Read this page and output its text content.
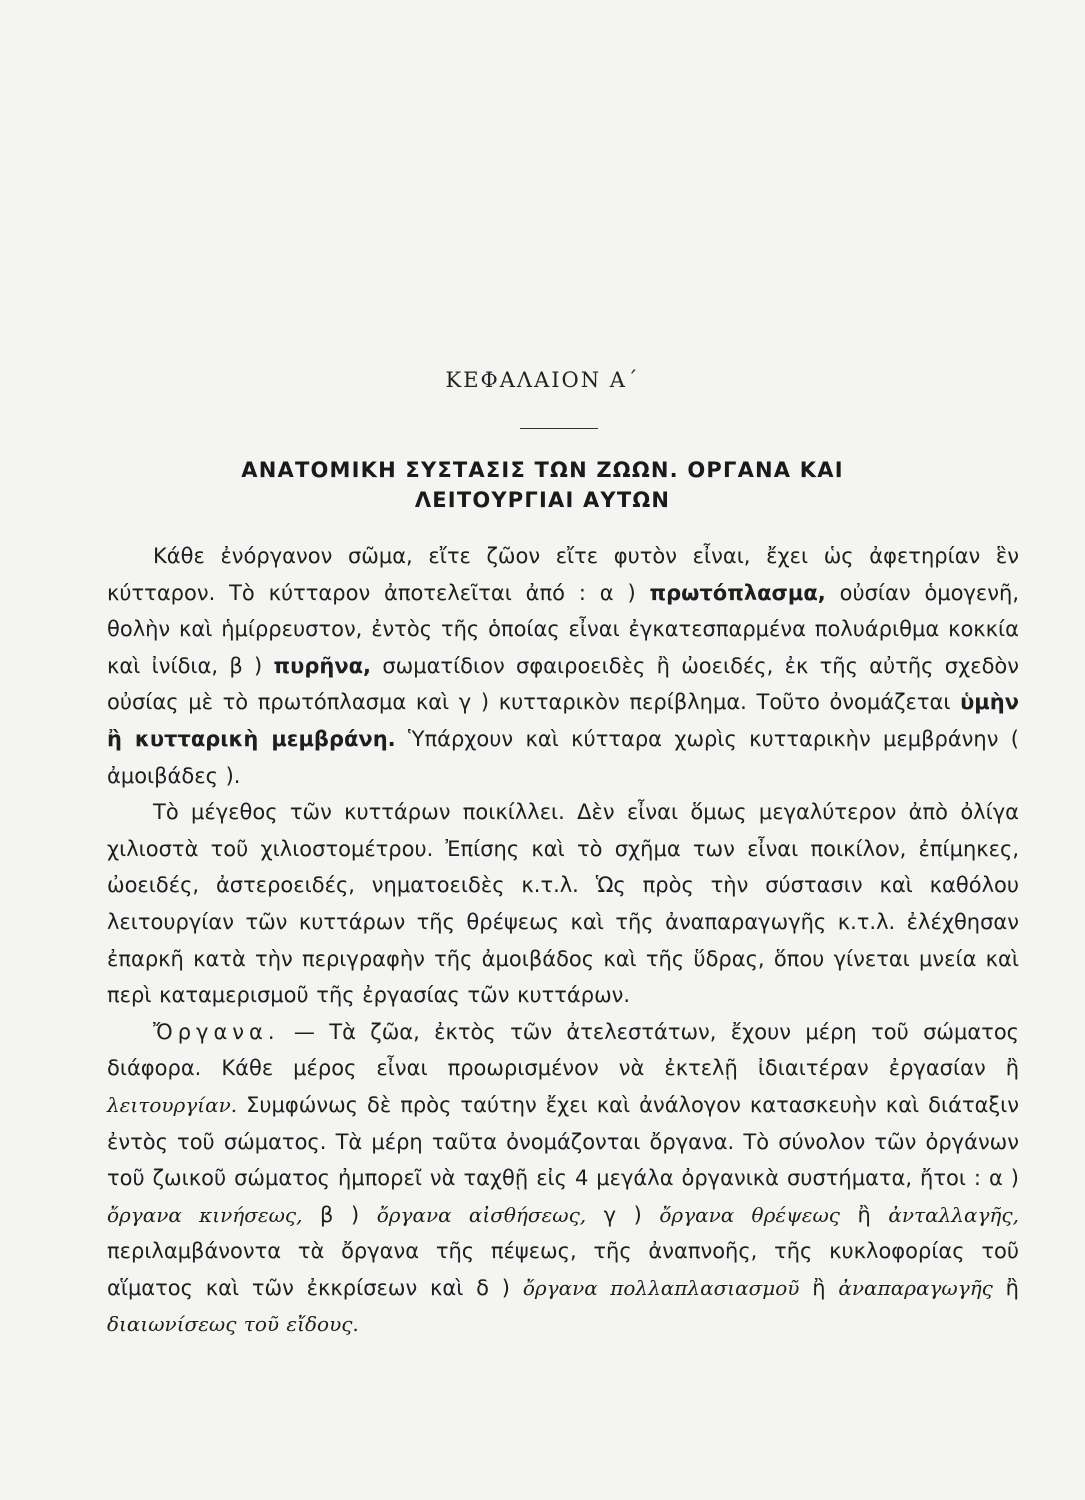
ΚΕΦΑΛΑΙΟΝ Α΄
ΑΝΑΤΟΜΙΚΗ ΣΥΣΤΑΣΙΣ ΤΩΝ ΖΩΩΝ. ΟΡΓΑΝΑ ΚΑΙ
ΛΕΙΤΟΥΡΓΙΑΙ ΑΥΤΩΝ

Κάθε ἐνόργανον σῶμα, εἴτε ζῶον εἴτε φυτὸν εἶναι, ἔχει ὡς ἀφετηρίαν ἓν κύτταρον. Τὸ κύτταρον ἀποτελεῖται ἀπό : α ) πρωτόπλασμα, οὐσίαν ὁμογενῆ, θολὴν καὶ ἡμίρρευστον, ἐντὸς τῆς ὁποίας εἶναι ἐγκατεσπαρμένα πολυάριθμα κοκκία καὶ ἰνίδια, β ) πυρῆνα, σωματίδιον σφαιροειδὲς ἢ ὠοειδές, ἐκ τῆς αὐτῆς σχεδὸν οὐσίας μὲ τὸ πρωτόπλασμα καὶ γ ) κυτταρικὸν περίβλημα. Τοῦτο ὀνομάζεται ὑμὴν ἢ κυτταρικὴ μεμβράνη. Ὑπάρχουν καὶ κύτταρα χωρὶς κυτταρικὴν μεμβράνην ( ἀμοιβάδες ).

Τὸ μέγεθος τῶν κυττάρων ποικίλλει. Δὲν εἶναι ὅμως μεγαλύτερον ἀπὸ ὀλίγα χιλιοστὰ τοῦ χιλιοστομέτρου. Ἐπίσης καὶ τὸ σχῆμα των εἶναι ποικίλον, ἐπίμηκες, ὠοειδές, ἀστεροειδές, νηματοειδὲς κ.τ.λ. Ὡς πρὸς τὴν σύστασιν καὶ καθόλου λειτουργίαν τῶν κυττάρων τῆς θρέψεως καὶ τῆς ἀναπαραγωγῆς κ.τ.λ. ἐλέχθησαν ἐπαρκῆ κατὰ τὴν περιγραφὴν τῆς ἀμοιβάδος καὶ τῆς ὕδρας, ὅπου γίνεται μνεία καὶ περὶ καταμερισμοῦ τῆς ἐργασίας τῶν κυττάρων.

Ὄργανα. — Τὰ ζῶα, ἐκτὸς τῶν ἀτελεστάτων, ἔχουν μέρη τοῦ σώματος διάφορα. Κάθε μέρος εἶναι προωρισμένον νὰ ἐκτελῇ ἰδιαιτέραν ἐργασίαν ἢ λειτουργίαν. Συμφώνως δὲ πρὸς ταύτην ἔχει καὶ ἀνάλογον κατασκευὴν καὶ διάταξιν ἐντὸς τοῦ σώματος. Τὰ μέρη ταῦτα ὀνομάζονται ὄργανα. Τὸ σύνολον τῶν ὀργάνων τοῦ ζωικοῦ σώματος ἠμπορεῖ νὰ ταχθῇ εἰς 4 μεγάλα ὀργανικὰ συστήματα, ἤτοι : α ) ὄργανα κινήσεως, β ) ὄργανα αἰσθήσεως, γ ) ὄργανα θρέψεως ἢ ἀνταλλαγῆς, περιλαμβάνοντα τὰ ὄργανα τῆς πέψεως, τῆς ἀναπνοῆς, τῆς κυκλοφορίας τοῦ αἵματος καὶ τῶν ἐκκρίσεων καὶ δ ) ὄργανα πολλαπλασιασμοῦ ἢ ἀναπαραγωγῆς ἢ διαιωνίσεως τοῦ εἴδους.
